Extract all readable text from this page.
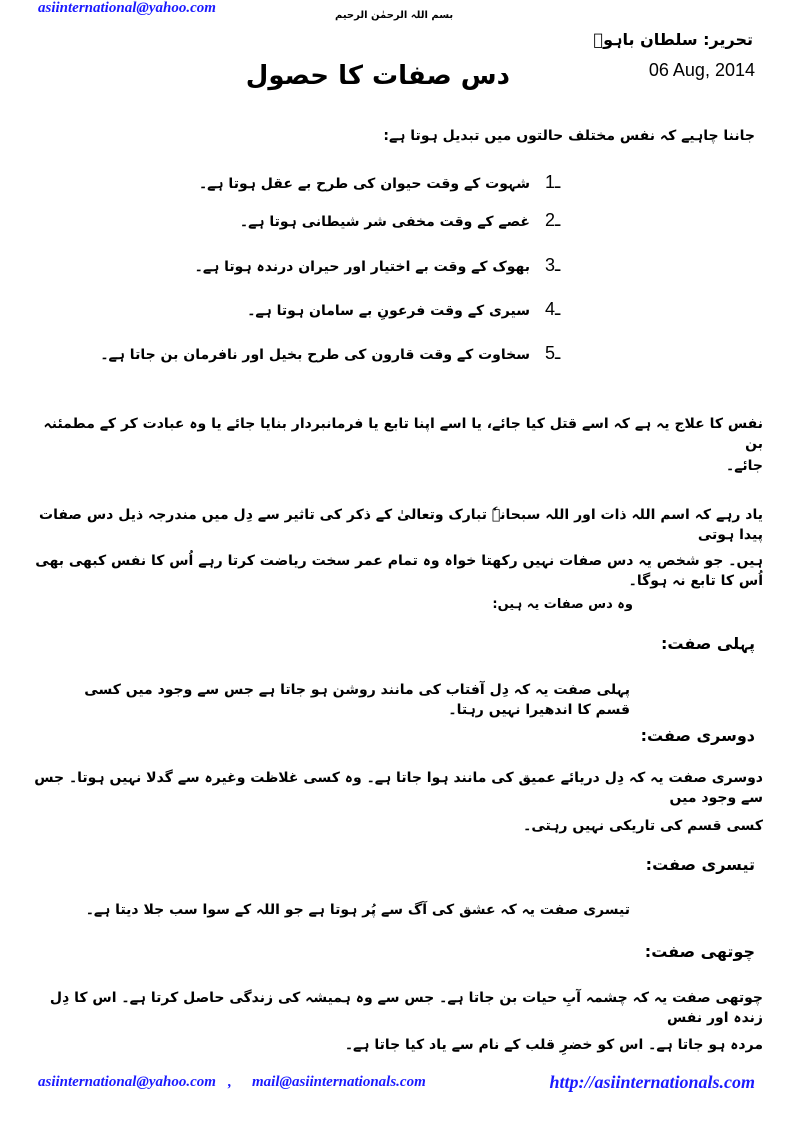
asiinternational@yahoo.com	بسم اللہ الرحمٰن الرحیم
تحریر: سلطان باہوؒ
06 Aug, 2014
دس صفات کا حصول
جاننا چاہیے کہ نفس مختلف حالتوں میں تبدیل ہوتا ہے:
1ـ
شہوت کے وقت حیوان کی طرح بے عقل ہوتا ہے۔
2ـ
غصے کے وقت مخفی شر شیطانی ہوتا ہے۔
3ـ
بھوک کے وقت بے اختیار اور حیران درندہ ہوتا ہے۔
4ـ
سیری کے وقت فرعونِ بے سامان ہوتا ہے۔
5ـ
سخاوت کے وقت قارون کی طرح بخیل اور نافرمان بن جاتا ہے۔
نفس کا علاج یہ ہے کہ اسے قتل کیا جائے، یا اسے اپنا تابع یا فرمانبردار بنایا جائے یا وہ عبادت کر کے مطمئنہ بن
جائے۔
یاد رہے کہ اسم اللہ ذات اور اللہ سبحانہٗ تبارک وتعالیٰ کے ذکر کی تاثیر سے دِل میں مندرجہ ذیل دس صفات پیدا ہوتی
ہیں۔ جو شخص یہ دس صفات نہیں رکھتا خواہ وہ تمام عمر سخت ریاضت کرتا رہے اُس کا نفس کبھی بھی اُس کا تابع نہ ہوگا۔
وہ دس صفات یہ ہیں:
پہلی صفت:
پہلی صفت یہ کہ دِل آفتاب کی مانند روشن ہو جاتا ہے جس سے وجود میں کسی قسم کا اندھیرا نہیں رہتا۔
دوسری صفت:
دوسری صفت یہ کہ دِل دریائے عمیق کی مانند ہوا جاتا ہے۔ وہ کسی غلاظت وغیرہ سے گدلا نہیں ہوتا۔ جس سے وجود میں
کسی قسم کی تاریکی نہیں رہتی۔
تیسری صفت:
تیسری صفت یہ کہ عشق کی آگ سے پُر ہوتا ہے جو اللہ کے سوا سب جلا دیتا ہے۔
چوتھی صفت:
چوتھی صفت یہ کہ چشمہ آبِ حیات بن جاتا ہے۔ جس سے وہ ہمیشہ کی زندگی حاصل کرتا ہے۔ اس کا دِل زندہ اور نفس
مردہ ہو جاتا ہے۔ اس کو خضرِ قلب کے نام سے یاد کیا جاتا ہے۔
asiinternational@yahoo.com , mail@asiinternationals.com	http://asiinternationals.com
